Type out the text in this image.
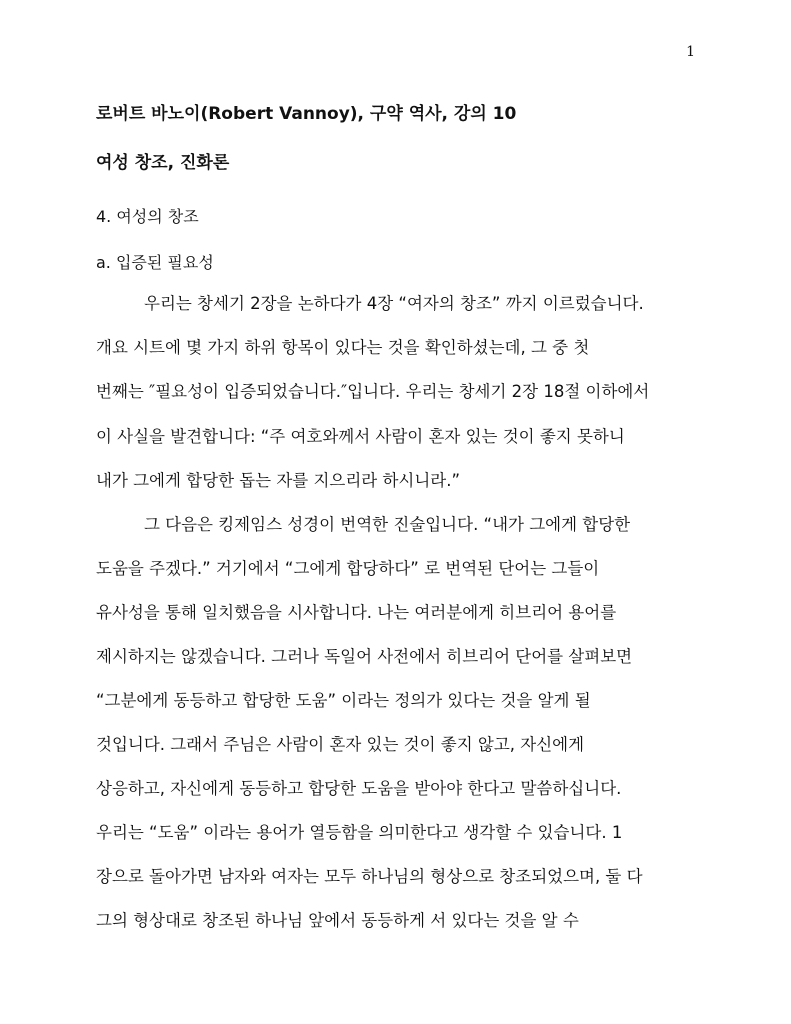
1
로버트 바노이(Robert Vannoy), 구약 역사, 강의 10
여성 창조, 진화론
4. 여성의 창조
a. 입증된 필요성
우리는 창세기 2장을 논하다가 4장 “여자의 창조” 까지 이르렀습니다.
개요 시트에 몇 가지 하위 항목이 있다는 것을 확인하셨는데, 그 중 첫
번째는 ″필요성이 입증되었습니다.″입니다. 우리는 창세기 2장 18절 이하에서
이 사실을 발견합니다: “주 여호와께서 사람이 혼자 있는 것이 좋지 못하니
내가 그에게 합당한 돕는 자를 지으리라 하시니라.”
그 다음은 킹제임스 성경이 번역한 진술입니다. “내가 그에게 합당한
도움을 주겠다.” 거기에서 “그에게 합당하다” 로 번역된 단어는 그들이
유사성을 통해 일치했음을 시사합니다. 나는 여러분에게 히브리어 용어를
제시하지는 않겠습니다. 그러나 독일어 사전에서 히브리어 단어를 살펴보면
“그분에게 동등하고 합당한 도움” 이라는 정의가 있다는 것을 알게 될
것입니다. 그래서 주님은 사람이 혼자 있는 것이 좋지 않고, 자신에게
상응하고, 자신에게 동등하고 합당한 도움을 받아야 한다고 말씀하십니다.
우리는 “도움” 이라는 용어가 열등함을 의미한다고 생각할 수 있습니다. 1
장으로 돌아가면 남자와 여자는 모두 하나님의 형상으로 창조되었으며, 둘 다
그의 형상대로 창조된 하나님 앞에서 동등하게 서 있다는 것을 알 수
